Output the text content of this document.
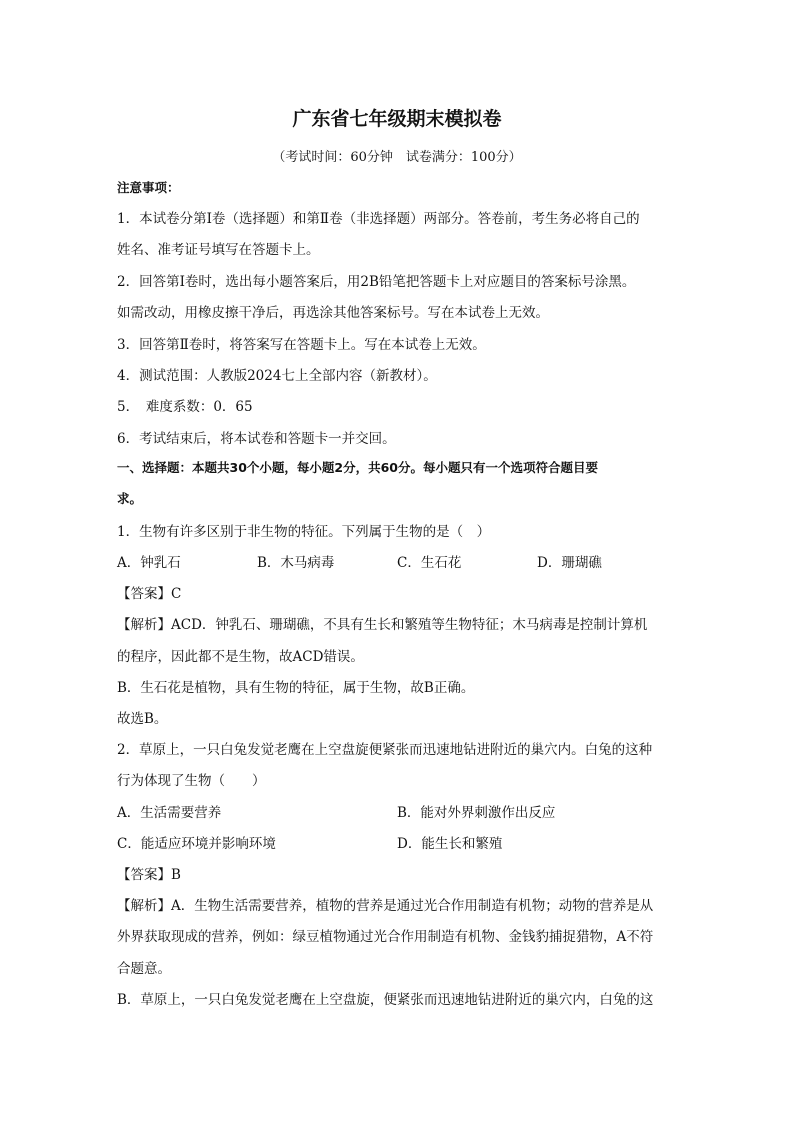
广东省七年级期末模拟卷
（考试时间：60分钟　试卷满分：100分）
注意事项：
1．本试卷分第Ⅰ卷（选择题）和第Ⅱ卷（非选择题）两部分。答卷前，考生务必将自己的
姓名、准考证号填写在答题卡上。
2．回答第Ⅰ卷时，选出每小题答案后，用2B铅笔把答题卡上对应题目的答案标号涂黑。
如需改动，用橡皮擦干净后，再选涂其他答案标号。写在本试卷上无效。
3．回答第Ⅱ卷时，将答案写在答题卡上。写在本试卷上无效。
4．测试范围：人教版2024七上全部内容（新教材）。
5．　难度系数：0．65
6．考试结束后，将本试卷和答题卡一并交回。
一、选择题：本题共30个小题，每小题2分，共60分。每小题只有一个选项符合题目要
求。
1．生物有许多区别于非生物的特征。下列属于生物的是（　）
A．钟乳石	B．木马病毒	C．生石花	D．珊瑚礁
【答案】C
【解析】ACD．钟乳石、珊瑚礁，不具有生长和繁殖等生物特征；木马病毒是控制计算机
的程序，因此都不是生物，故ACD错误。
B．生石花是植物，具有生物的特征，属于生物，故B正确。
故选B。
2．草原上，一只白兔发觉老鹰在上空盘旋便紧张而迅速地钻进附近的巢穴内。白兔的这种
行为体现了生物（　　）
A．生活需要营养	B．能对外界刺激作出反应
C．能适应环境并影响环境	D．能生长和繁殖
【答案】B
【解析】A．生物生活需要营养，植物的营养是通过光合作用制造有机物；动物的营养是从
外界获取现成的营养，例如：绿豆植物通过光合作用制造有机物、金钱豹捕捉猎物，A不符
合题意。
B．草原上，一只白兔发觉老鹰在上空盘旋，便紧张而迅速地钻进附近的巢穴内，白兔的这
